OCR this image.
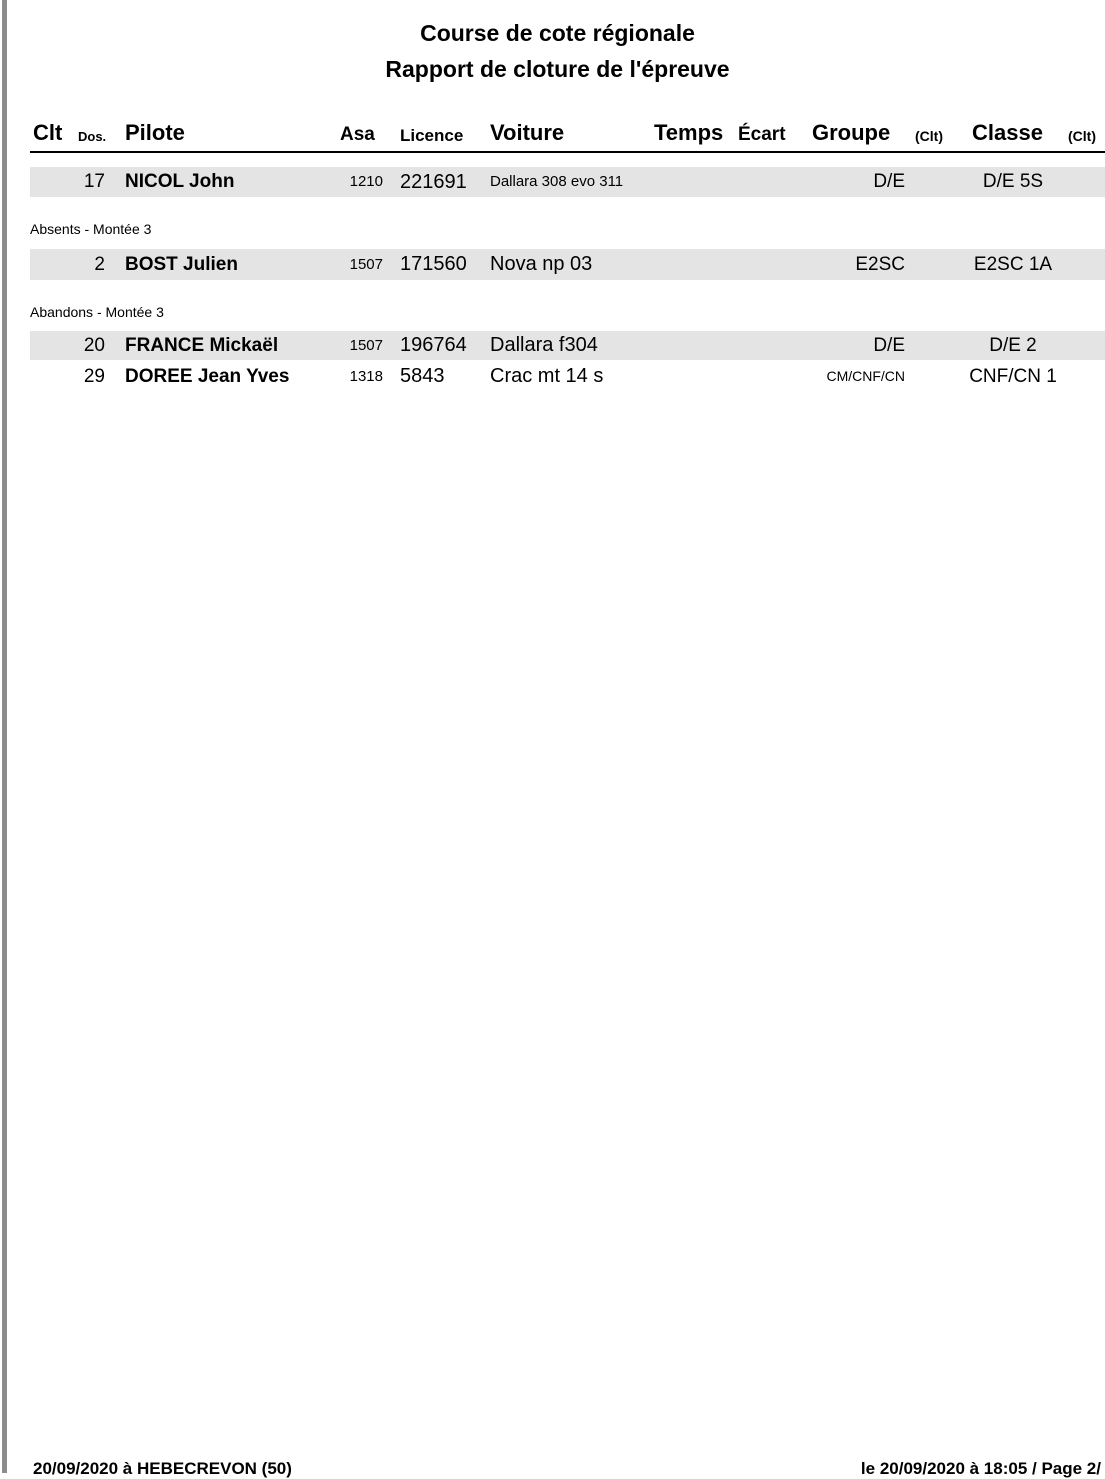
Course de cote régionale
Rapport de cloture de l'épreuve
Clt Dos. Pilote	Asa Licence Voiture	Temps Écart Groupe (Clt) Classe (Clt)
17 NICOL John	1210 221691 Dallara 308 evo 311	D/E	D/E 5S
Absents - Montée 3
2 BOST Julien	1507 171560 Nova np 03	E2SC	E2SC 1A
Abandons - Montée 3
20 FRANCE Mickaël	1507 196764 Dallara f304	D/E	D/E 2
29 DOREE Jean Yves	1318 5843 Crac mt 14 s	CM/CNF/CN	CNF/CN 1
20/09/2020 à HEBECREVON (50)	le 20/09/2020 à 18:05 / Page 2/
